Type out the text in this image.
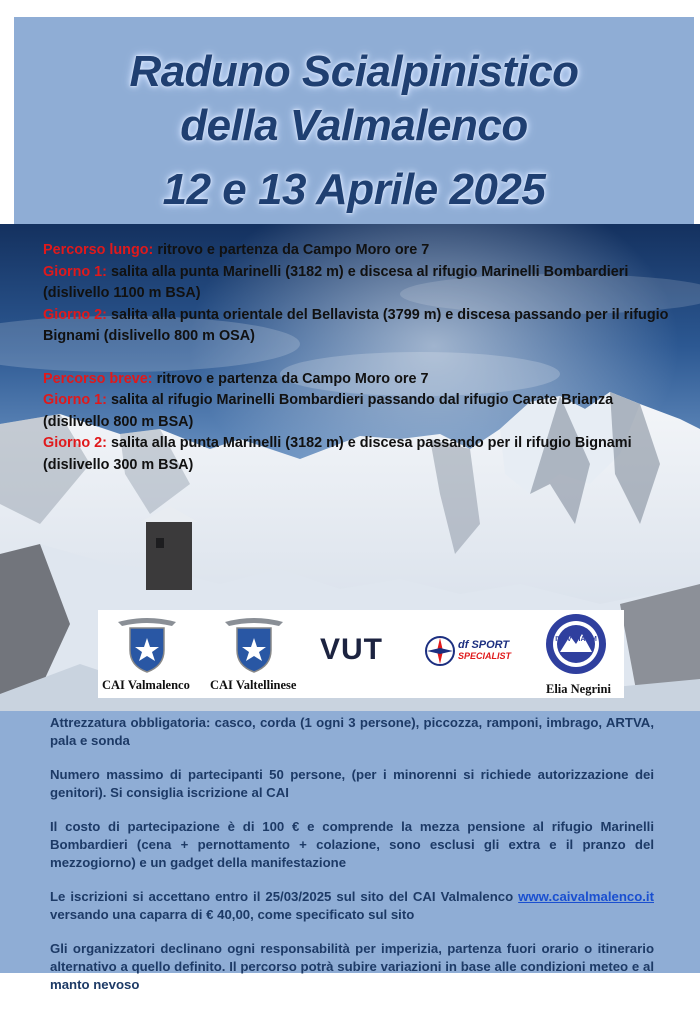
Raduno Scialpinistico
della Valmalenco
12 e 13 Aprile 2025
Percorso lungo: ritrovo e partenza da Campo Moro ore 7
Giorno 1: salita alla punta Marinelli (3182 m) e discesa al rifugio Marinelli Bombardieri (dislivello 1100 m BSA)
Giorno 2: salita alla punta orientale del Bellavista (3799 m) e discesa passando per il rifugio Bignami (dislivello 800 m OSA)
Percorso breve: ritrovo e partenza da Campo Moro ore 7
Giorno 1: salita al rifugio Marinelli Bombardieri passando dal rifugio Carate Brianza (dislivello 800 m BSA)
Giorno 2: salita alla punta Marinelli (3182 m) e discesa passando per il rifugio Bignami (dislivello 300 m BSA)
CAI Valmalenco CAI Valtellinese
VUT	df SPORT
SPECIALIST
IVBV UIAGM
Elia Negrini

Attrezzatura obbligatoria: casco, corda (1 ogni 3 persone), piccozza, ramponi, imbrago, ARTVA, pala e sonda

Numero massimo di partecipanti 50 persone, (per i minorenni si richiede autorizzazione dei genitori). Si consiglia iscrizione al CAI

Il costo di partecipazione è di 100 € e comprende la mezza pensione al rifugio Marinelli Bombardieri (cena + pernottamento + colazione, sono esclusi gli extra e il pranzo del mezzogiorno) e un gadget della manifestazione

Le iscrizioni si accettano entro il 25/03/2025 sul sito del CAI Valmalenco www.caivalmalenco.it versando una caparra di € 40,00, come specificato sul sito

Gli organizzatori declinano ogni responsabilità per imperizia, partenza fuori orario o itinerario alternativo a quello definito. Il percorso potrà subire variazioni in base alle condizioni meteo e al manto nevoso
